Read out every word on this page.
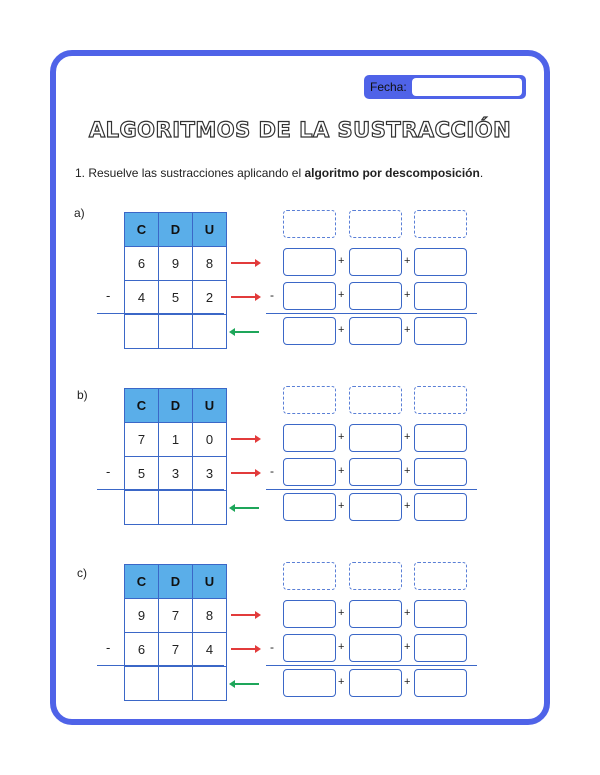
Fecha:
ALGORITMOS DE LA SUSTRACCIÓN
1. Resuelve las sustracciones aplicando el algoritmo por descomposición.
a)
C	D	U
6	9	8
4	5	2

-
+	+
+	+
+	+
-
b)
C	D	U
7	1	0
5	3	3

-
+	+
+	+
+	+
-
c)
C	D	U
9	7	8
6	7	4

-
+	+
+	+
+	+
-
